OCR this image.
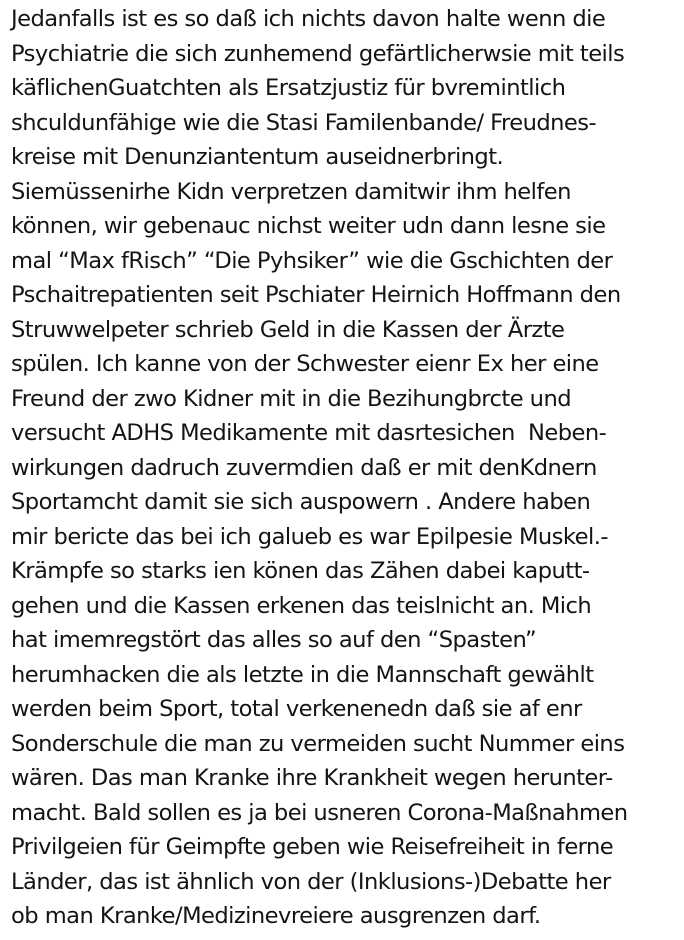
Jedanfalls ist es so daß ich nichts davon halte wenn die
Psychiatrie die sich zunhemend gefärtlicherwsie mit teils
käflichenGuatchten als Ersatzjustiz für bvremintlich
shculdunfähige wie die Stasi Familenbande/ Freudnes-
kreise mit Denunziantentum auseidnerbringt.
Siemüssenirhe Kidn verpretzen damitwir ihm helfen
können, wir gebenauc nichst weiter udn dann lesne sie
mal “Max fRisch” “Die Pyhsiker” wie die Gschichten der
Pschaitrepatienten seit Pschiater Heirnich Hoffmann den
Struwwelpeter schrieb Geld in die Kassen der Ärzte
spülen. Ich kanne von der Schwester eienr Ex her eine
Freund der zwo Kidner mit in die Bezihungbrcte und
versucht ADHS Medikamente mit dasrtesichen  Neben-
wirkungen dadruch zuvermdien daß er mit denKdnern
Sportamcht damit sie sich auspowern . Andere haben
mir bericte das bei ich galueb es war Epilpesie Muskel.-
Krämpfe so starks ien könen das Zähen dabei kaputt-
gehen und die Kassen erkenen das teislnicht an. Mich
hat imemregstört das alles so auf den “Spasten”
herumhacken die als letzte in die Mannschaft gewählt
werden beim Sport, total verkenenedn daß sie af enr
Sonderschule die man zu vermeiden sucht Nummer eins
wären. Das man Kranke ihre Krankheit wegen herunter-
macht. Bald sollen es ja bei usneren Corona-Maßnahmen
Privilgeien für Geimpfte geben wie Reisefreiheit in ferne
Länder, das ist ähnlich von der (Inklusions-)Debatte her
ob man Kranke/Medizinevreiere ausgrenzen darf.
